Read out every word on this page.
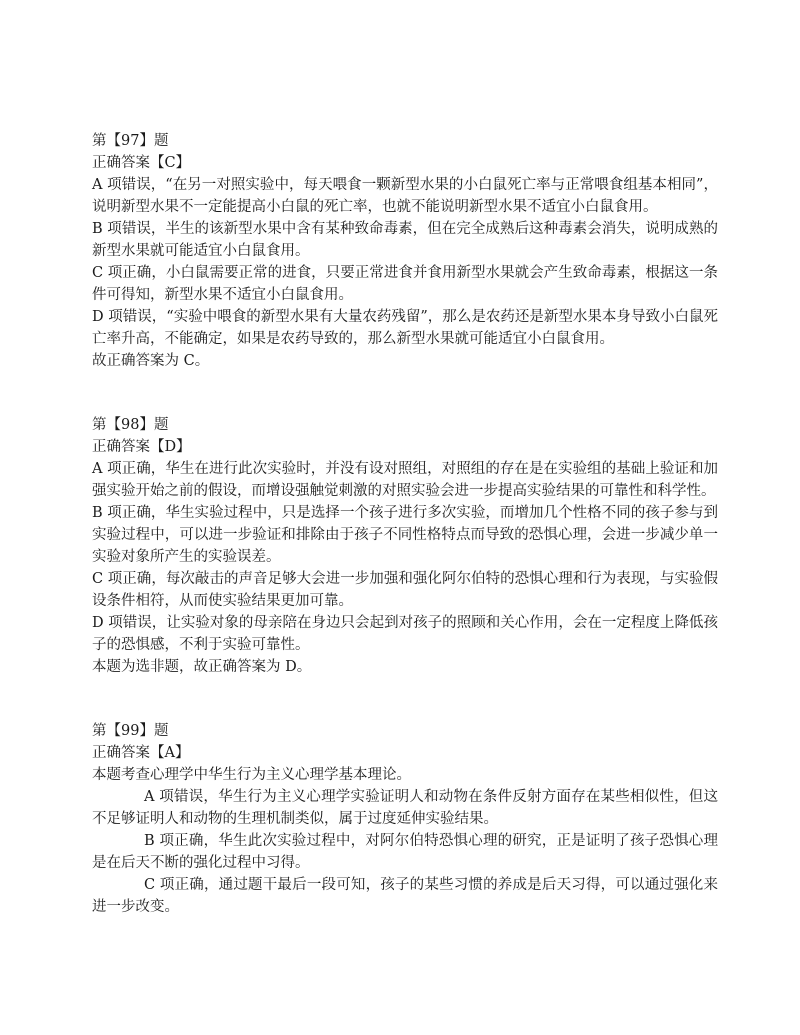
第【97】题

正确答案【C】

A 项错误，“在另一对照实验中，每天喂食一颗新型水果的小白鼠死亡率与正常喂食组基本相同”，说明新型水果不一定能提高小白鼠的死亡率，也就不能说明新型水果不适宜小白鼠食用。

B 项错误，半生的该新型水果中含有某种致命毒素，但在完全成熟后这种毒素会消失，说明成熟的新型水果就可能适宜小白鼠食用。

C 项正确，小白鼠需要正常的进食，只要正常进食并食用新型水果就会产生致命毒素，根据这一条件可得知，新型水果不适宜小白鼠食用。

D 项错误，“实验中喂食的新型水果有大量农药残留”，那么是农药还是新型水果本身导致小白鼠死亡率升高，不能确定，如果是农药导致的，那么新型水果就可能适宜小白鼠食用。

故正确答案为 C。

第【98】题

正确答案【D】

A 项正确，华生在进行此次实验时，并没有设对照组，对照组的存在是在实验组的基础上验证和加强实验开始之前的假设，而增设强触觉刺激的对照实验会进一步提高实验结果的可靠性和科学性。

B 项正确，华生实验过程中，只是选择一个孩子进行多次实验，而增加几个性格不同的孩子参与到实验过程中，可以进一步验证和排除由于孩子不同性格特点而导致的恐惧心理，会进一步减少单一实验对象所产生的实验误差。

C 项正确，每次敲击的声音足够大会进一步加强和强化阿尔伯特的恐惧心理和行为表现，与实验假设条件相符，从而使实验结果更加可靠。

D 项错误，让实验对象的母亲陪在身边只会起到对孩子的照顾和关心作用，会在一定程度上降低孩子的恐惧感，不利于实验可靠性。

本题为选非题，故正确答案为 D。

第【99】题

正确答案【A】

本题考查心理学中华生行为主义心理学基本理论。

A 项错误，华生行为主义心理学实验证明人和动物在条件反射方面存在某些相似性，但这不足够证明人和动物的生理机制类似，属于过度延伸实验结果。

B 项正确，华生此次实验过程中，对阿尔伯特恐惧心理的研究，正是证明了孩子恐惧心理是在后天不断的强化过程中习得。

C 项正确，通过题干最后一段可知，孩子的某些习惯的养成是后天习得，可以通过强化来进一步改变。
